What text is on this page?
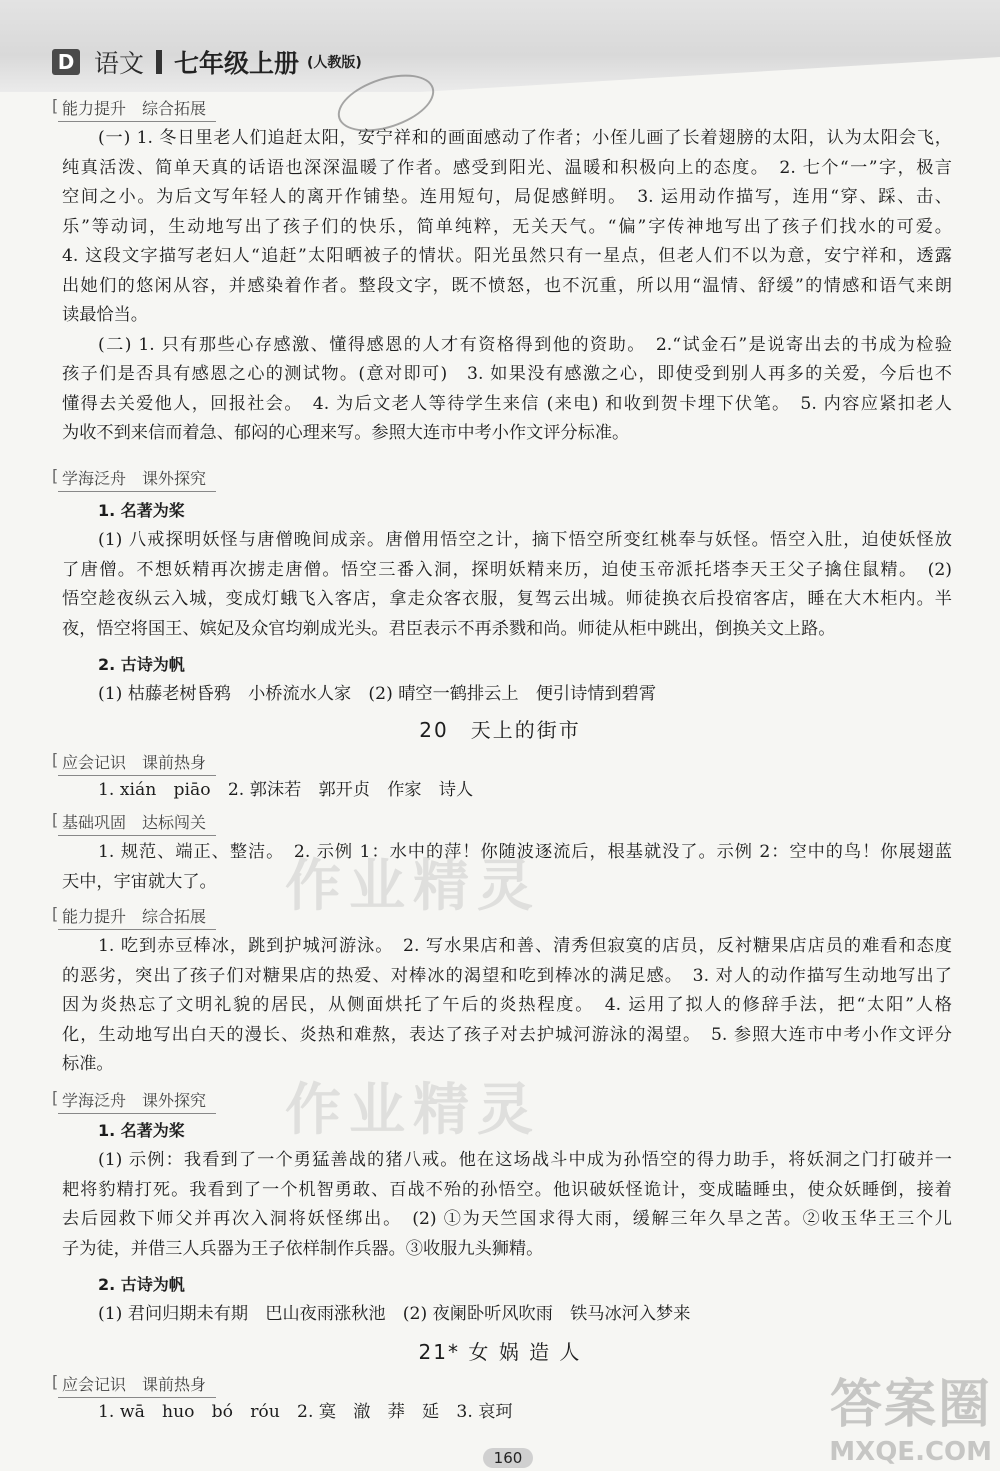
D 语文 七年级上册 (人教版)
[ 能力提升　综合拓展

(一) 1. 冬日里老人们追赶太阳，安宁祥和的画面感动了作者；小侄儿画了长着翅膀的太阳，认为太阳会飞，

纯真活泼、简单天真的话语也深深温暖了作者。感受到阳光、温暖和积极向上的态度。　2. 七个“一”字，极言

空间之小。为后文写年轻人的离开作铺垫。连用短句，局促感鲜明。　3. 运用动作描写，连用“穿、踩、击、

乐”等动词，生动地写出了孩子们的快乐，简单纯粹，无关天气。“偏”字传神地写出了孩子们找水的可爱。

4. 这段文字描写老妇人“追赶”太阳晒被子的情状。阳光虽然只有一星点，但老人们不以为意，安宁祥和，透露

出她们的悠闲从容，并感染着作者。整段文字，既不愤怒，也不沉重，所以用“温情、舒缓”的情感和语气来朗

读最恰当。

(二) 1. 只有那些心存感激、懂得感恩的人才有资格得到他的资助。　2.“试金石”是说寄出去的书成为检验

孩子们是否具有感恩之心的测试物。(意对即可)　3. 如果没有感激之心，即使受到别人再多的关爱，今后也不

懂得去关爱他人，回报社会。　4. 为后文老人等待学生来信 (来电) 和收到贺卡埋下伏笔。　5. 内容应紧扣老人

为收不到来信而着急、郁闷的心理来写。参照大连市中考小作文评分标准。

[ 学海泛舟　课外探究
1. 名著为桨

(1) 八戒探明妖怪与唐僧晚间成亲。唐僧用悟空之计，摘下悟空所变红桃奉与妖怪。悟空入肚，迫使妖怪放

了唐僧。不想妖精再次掳走唐僧。悟空三番入洞，探明妖精来历，迫使玉帝派托塔李天王父子擒住鼠精。　(2)

悟空趁夜纵云入城，变成灯蛾飞入客店，拿走众客衣服，复驾云出城。师徒换衣后投宿客店，睡在大木柜内。半

夜，悟空将国王、嫔妃及众官均剃成光头。君臣表示不再杀戮和尚。师徒从柜中跳出，倒换关文上路。

2. 古诗为帆

(1) 枯藤老树昏鸦　小桥流水人家　(2) 晴空一鹤排云上　便引诗情到碧霄

20　天上的街市
[ 应会记识　课前热身

1. xián　piāo　2. 郭沫若　郭开贞　作家　诗人

[ 基础巩固　达标闯关

1. 规范、端正、整洁。　2. 示例 1：水中的萍！你随波逐流后，根基就没了。示例 2：空中的鸟！你展翅蓝

天中，宇宙就大了。

[ 能力提升　综合拓展

1. 吃到赤豆棒冰，跳到护城河游泳。　2. 写水果店和善、清秀但寂寞的店员，反衬糖果店店员的难看和态度

的恶劣，突出了孩子们对糖果店的热爱、对棒冰的渴望和吃到棒冰的满足感。　3. 对人的动作描写生动地写出了

因为炎热忘了文明礼貌的居民，从侧面烘托了午后的炎热程度。　4. 运用了拟人的修辞手法，把“太阳”人格

化，生动地写出白天的漫长、炎热和难熬，表达了孩子对去护城河游泳的渴望。　5. 参照大连市中考小作文评分

标准。

[ 学海泛舟　课外探究
1. 名著为桨

(1) 示例：我看到了一个勇猛善战的猪八戒。他在这场战斗中成为孙悟空的得力助手，将妖洞之门打破并一

耙将豹精打死。我看到了一个机智勇敢、百战不殆的孙悟空。他识破妖怪诡计，变成瞌睡虫，使众妖睡倒，接着

去后园救下师父并再次入洞将妖怪绑出。　(2) ①为天竺国求得大雨，缓解三年久旱之苦。②收玉华王三个儿

子为徒，并借三人兵器为王子依样制作兵器。③收服九头狮精。

2. 古诗为帆

(1) 君问归期未有期　巴山夜雨涨秋池　(2) 夜阑卧听风吹雨　铁马冰河入梦来

21* 女 娲 造 人
[ 应会记识　课前热身

1. wā　huo　bó　róu　2. 寞　澈　莽　延　3. 哀珂

作业精灵
作业精灵
答案圈
MXQE.COM
160
